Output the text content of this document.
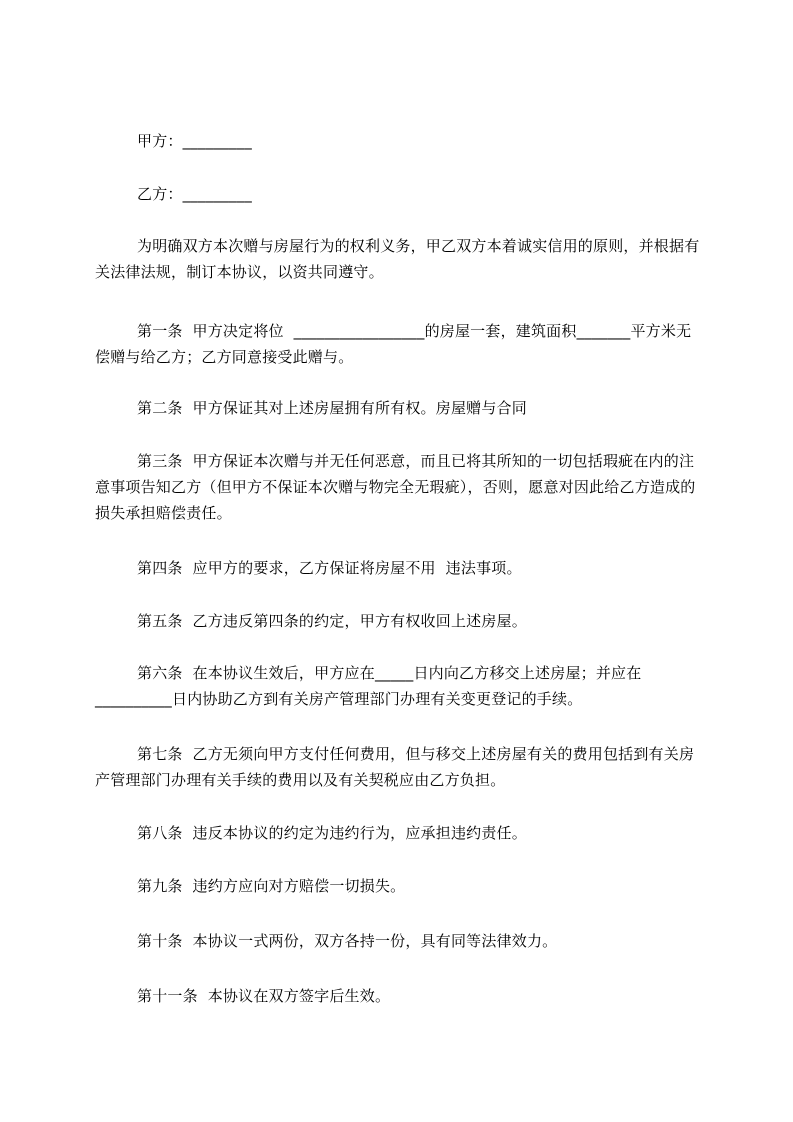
甲方：_________
乙方：_________
为明确双方本次赠与房屋行为的权利义务，甲乙双方本着诚实信用的原则，并根据有关法律法规，制订本协议，以资共同遵守。
第一条  甲方决定将位  _________________的房屋一套，建筑面积_______平方米无偿赠与给乙方；乙方同意接受此赠与。
第二条  甲方保证其对上述房屋拥有所有权。房屋赠与合同
第三条  甲方保证本次赠与并无任何恶意，而且已将其所知的一切包括瑕疵在内的注意事项告知乙方（但甲方不保证本次赠与物完全无瑕疵），否则，愿意对因此给乙方造成的损失承担赔偿责任。
第四条  应甲方的要求，乙方保证将房屋不用  违法事项。
第五条  乙方违反第四条的约定，甲方有权收回上述房屋。
第六条  在本协议生效后，甲方应在_____日内向乙方移交上述房屋；并应在__________日内协助乙方到有关房产管理部门办理有关变更登记的手续。
第七条  乙方无须向甲方支付任何费用，但与移交上述房屋有关的费用包括到有关房产管理部门办理有关手续的费用以及有关契税应由乙方负担。
第八条  违反本协议的约定为违约行为，应承担违约责任。
第九条  违约方应向对方赔偿一切损失。
第十条  本协议一式两份，双方各持一份，具有同等法律效力。
第十一条  本协议在双方签字后生效。
